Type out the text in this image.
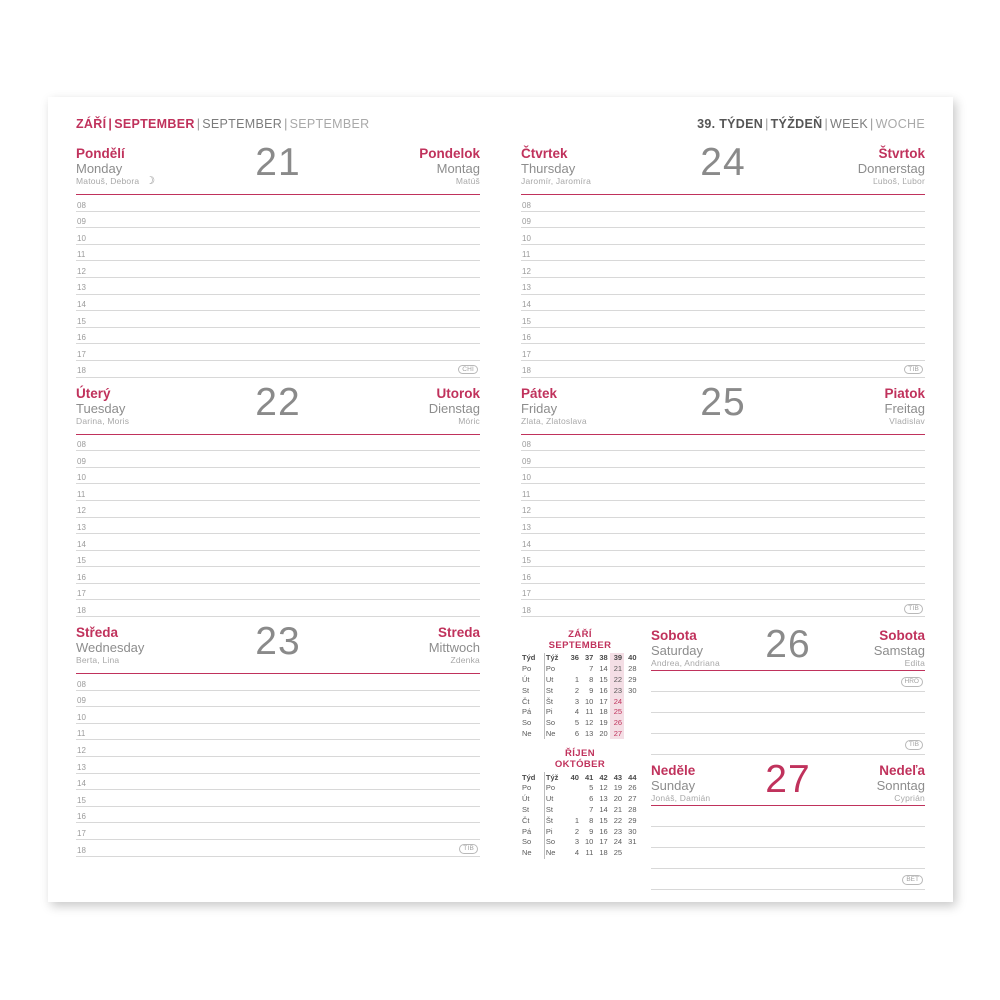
ZÁŘÍ | SEPTEMBER | SEPTEMBER | SEPTEMBER	39. TÝDEN | TÝŽDEŇ | WEEK | WOCHE
Pondělí
Monday
Matouš, Debora ☽	21	Pondelok
Montag
Matúš
08
09
10
11
12
13
14
15
16
17
18	CHI
Úterý
Tuesday
Darina, Moris	22	Utorok
Dienstag
Móric
08
09
10
11
12
13
14
15
16
17
18
Středa
Wednesday
Berta, Lina	23	Streda
Mittwoch
Zdenka
08
09
10
11
12
13
14
15
16
17
18	TIB
Čtvrtek
Thursday
Jaromír, Jaromíra	24	Štvrtok
Donnerstag
Ľuboš, Ľubor
08
09
10
11
12
13
14
15
16
17
18	TIB
Pátek
Friday
Zlata, Zlatoslava	25	Piatok
Freitag
Vladislav
08
09
10
11
12
13
14
15
16
17
18	TIB
ZÁŘÍ
SEPTEMBER
Týd	Týž	36	37	38	39	40
Po	Po		7	14	21	28
Út	Ut	1	8	15	22	29
St	St	2	9	16	23	30
Čt	Št	3	10	17	24	
Pá	Pi	4	11	18	25	
So	So	5	12	19	26	
Ne	Ne	6	13	20	27	
ŘÍJEN
OKTÓBER
Týd	Týž	40	41	42	43	44
Po	Po		5	12	19	26
Út	Ut		6	13	20	27
St	St		7	14	21	28
Čt	Št	1	8	15	22	29
Pá	Pi	2	9	16	23	30
So	So	3	10	17	24	31
Ne	Ne	4	11	18	25	
Sobota
Saturday
Andrea, Andriana	26	Sobota
Samstag
Edita
HRO
TIB
Nedĕle
Sunday
Jonáš, Damián	27	Nedeľa
Sonntag
Cyprián
BET
